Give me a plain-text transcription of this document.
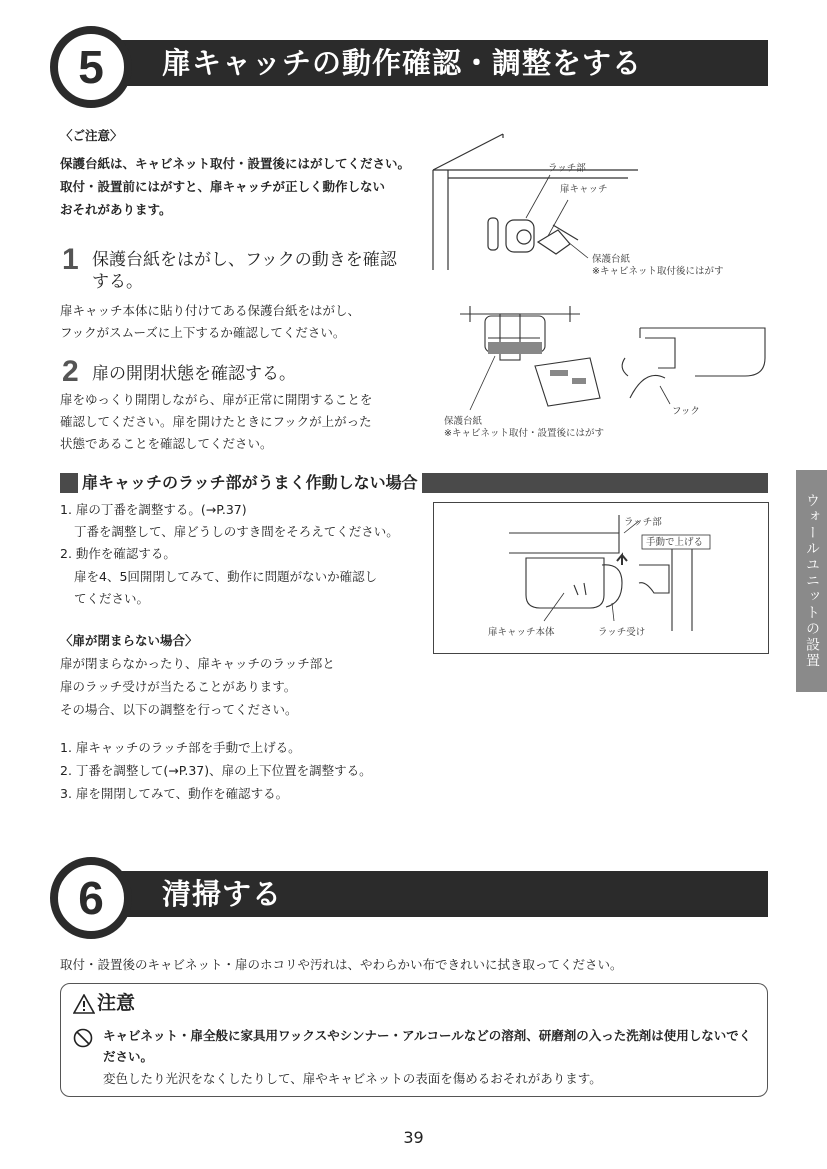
5	扉キャッチの動作確認・調整をする
〈ご注意〉
保護台紙は、キャビネット取付・設置後にはがしてください。
取付・設置前にはがすと、扉キャッチが正しく動作しない
おそれがあります。
1 保護台紙をはがし、フックの動きを確認
する。
扉キャッチ本体に貼り付けてある保護台紙をはがし、
フックがスムーズに上下するか確認してください。
2 扉の開閉状態を確認する。
扉をゆっくり開閉しながら、扉が正常に開閉することを
確認してください。扉を開けたときにフックが上がった
状態であることを確認してください。
ラッチ部
扉キャッチ
保護台紙
※キャビネット取付後にはがす
保護台紙
※キャビネット取付・設置後にはがす
フック
扉キャッチのラッチ部がうまく作動しない場合
1. 扉の丁番を調整する。(→P.37)
丁番を調整して、扉どうしのすき間をそろえてください。
2. 動作を確認する。
扉を4、5回開閉してみて、動作に問題がないか確認し
てください。
ラッチ部
手動で上げる
扉キャッチ本体	ラッチ受け
〈扉が閉まらない場合〉
扉が閉まらなかったり、扉キャッチのラッチ部と
扉のラッチ受けが当たることがあります。
その場合、以下の調整を行ってください。
1. 扉キャッチのラッチ部を手動で上げる。
2. 丁番を調整して(→P.37)、扉の上下位置を調整する。
3. 扉を開閉してみて、動作を確認する。
ウォールユニットの設置
6	清掃する
取付・設置後のキャビネット・扉のホコリや汚れは、やわらかい布できれいに拭き取ってください。
注意
キャビネット・扉全般に家具用ワックスやシンナー・アルコールなどの溶剤、研磨剤の入った洗剤は使用しないでく
ださい。
変色したり光沢をなくしたりして、扉やキャビネットの表面を傷めるおそれがあります。
39
